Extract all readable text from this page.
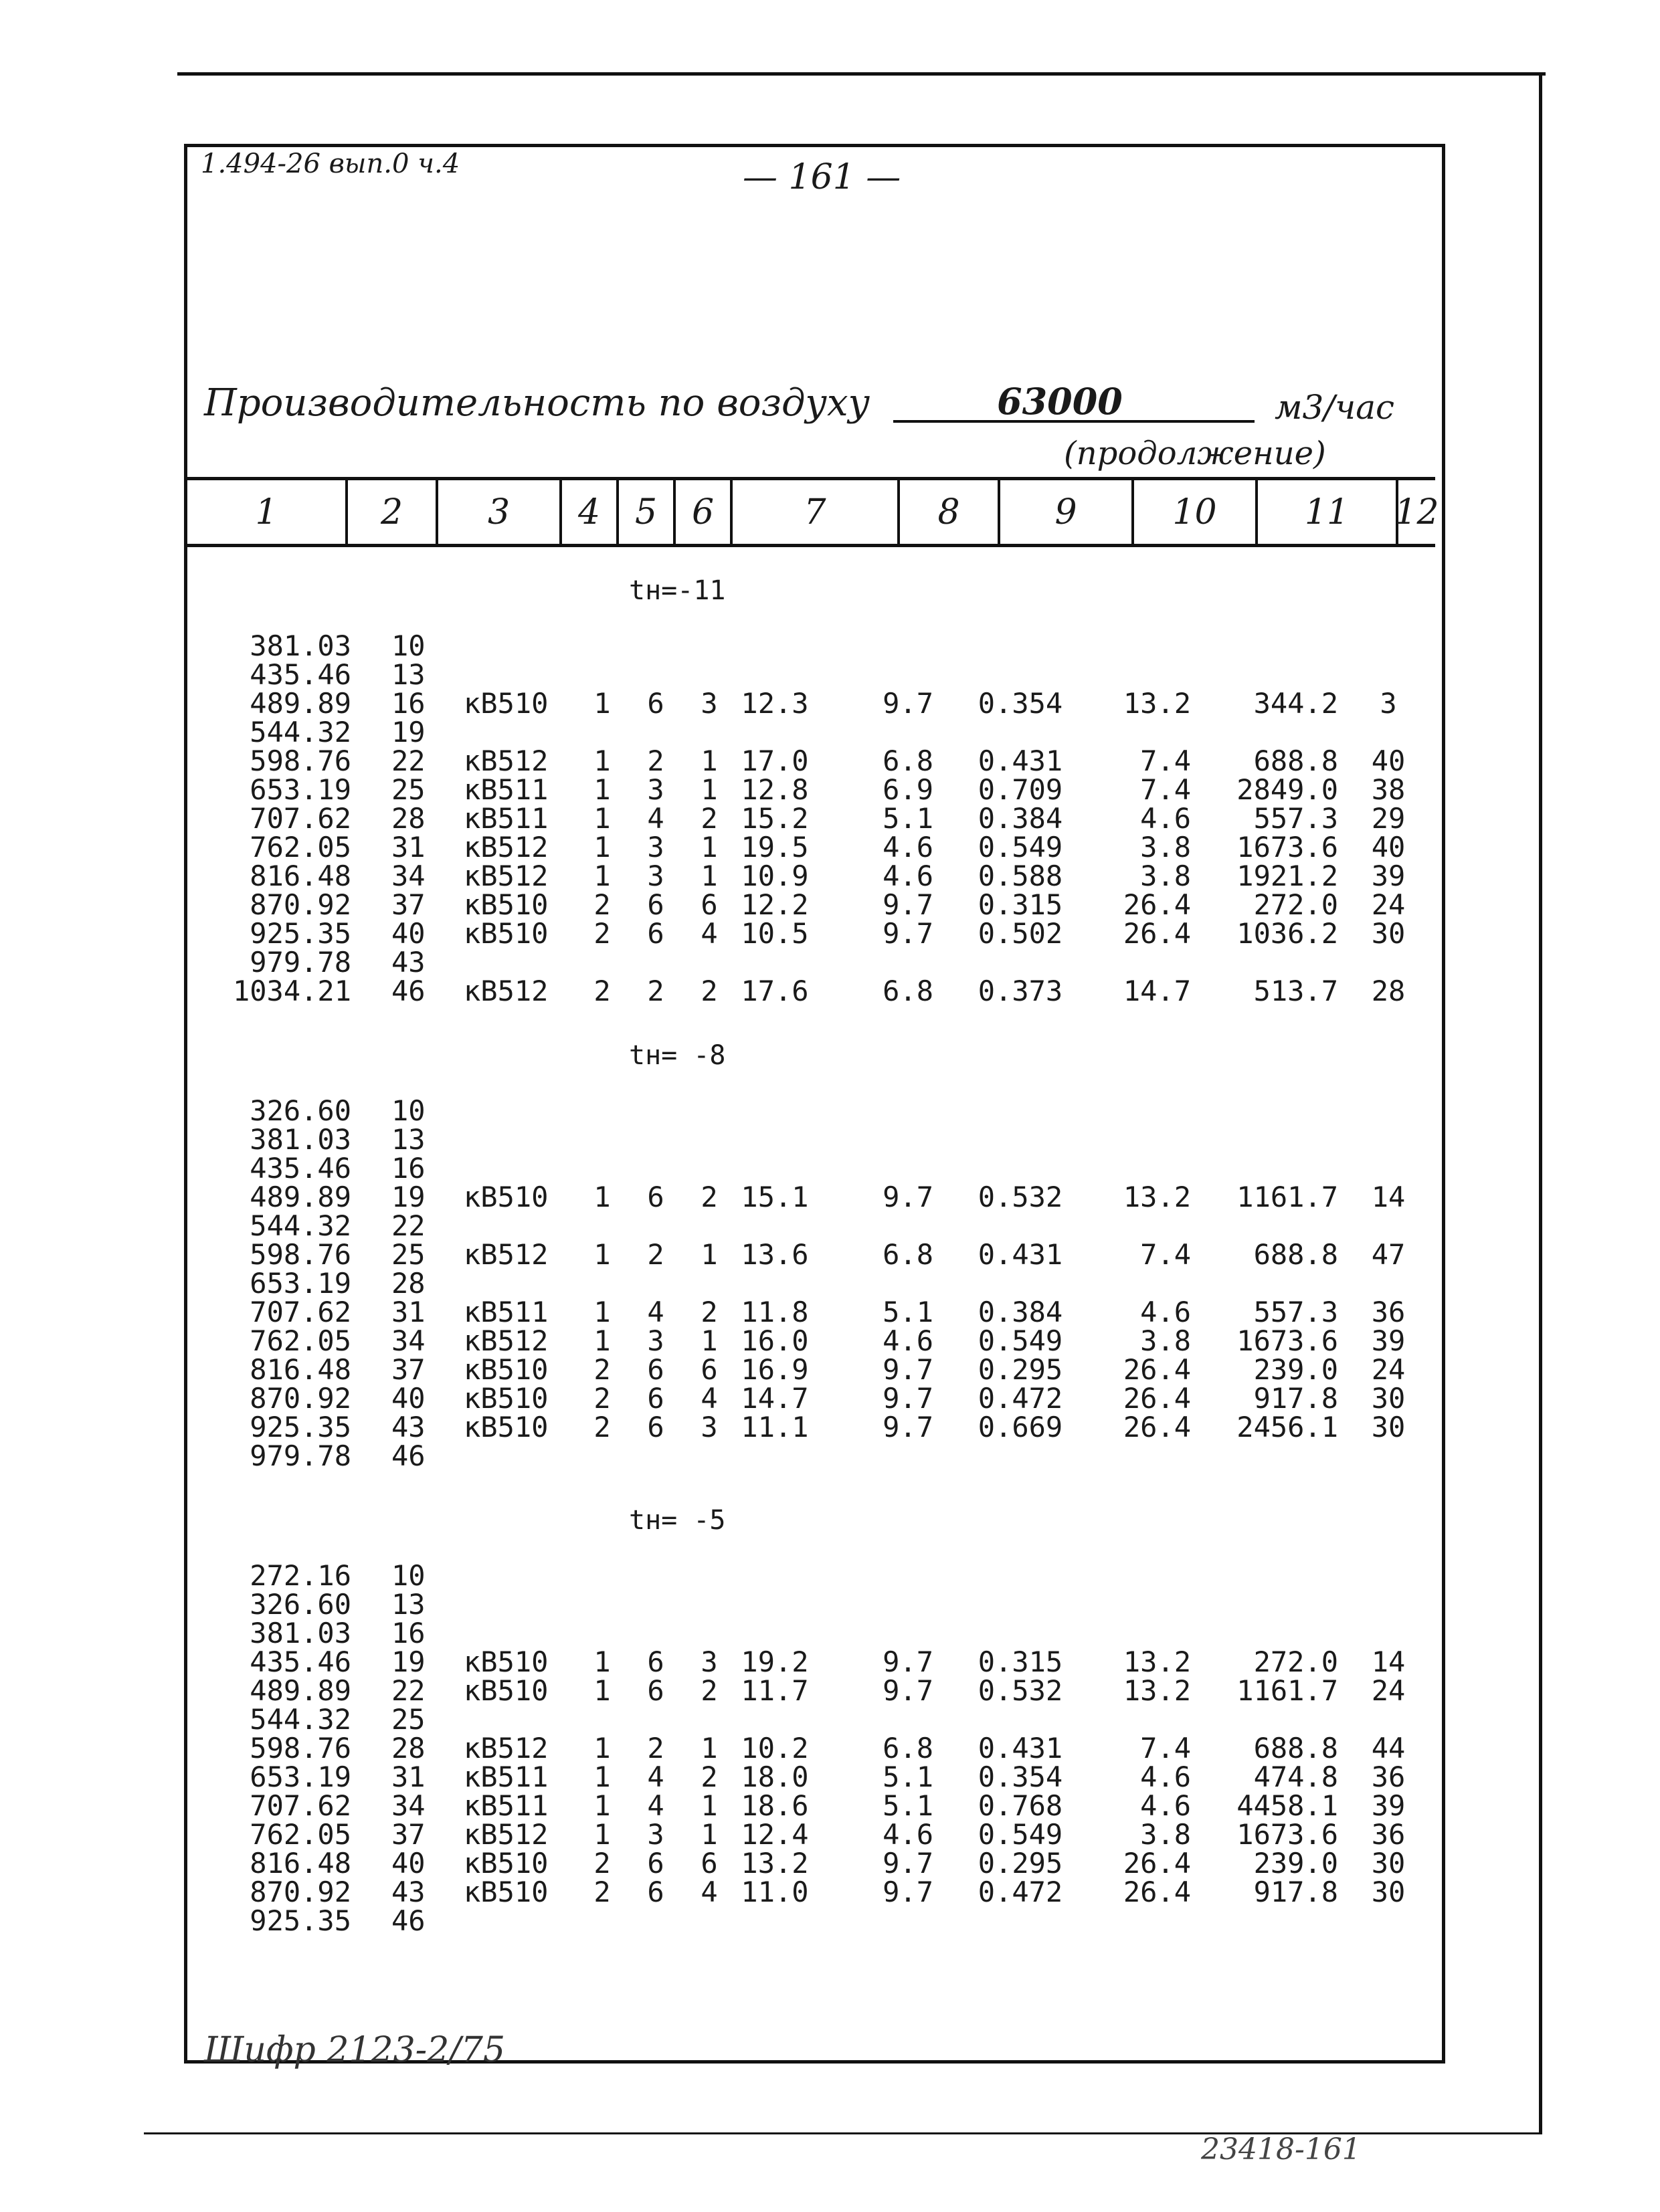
1.494-26 вып.0 ч.4	— 161 —
Производительность по воздуху	63000	м3/час
(продолжение)
1	2	3	4 5 6	7	8	9	10	11	12
tн=-11
381.03 10
435.46 13
489.89 16 кВ510	1 6 3 12.3	9.7	0.354	13.2	344.2	3
544.32 19
598.76 22 кВ512	1 2 1 17.0	6.8	0.431	7.4	688.8 40
653.19 25 кВ511	1 3 1 12.8	6.9	0.709	7.4	2849.0 38
707.62 28 кВ511	1 4 2 15.2	5.1	0.384	4.6	557.3 29
762.05 31 кВ512	1 3 1 19.5	4.6	0.549	3.8	1673.6 40
816.48 34 кВ512	1 3 1 10.9	4.6	0.588	3.8	1921.2 39
870.92 37 кВ510	2 6 6 12.2	9.7	0.315	26.4	272.0 24
925.35 40 кВ510	2 6 4 10.5	9.7	0.502	26.4	1036.2 30
979.78 43
1034.21 46 кВ512	2 2 2 17.6	6.8	0.373	14.7	513.7 28
tн= -8
326.60 10
381.03 13
435.46 16
489.89 19 кВ510	1 6 2 15.1	9.7	0.532	13.2	1161.7 14
544.32 22
598.76 25 кВ512	1 2 1 13.6	6.8	0.431	7.4	688.8 47
653.19 28
707.62 31 кВ511	1 4 2 11.8	5.1	0.384	4.6	557.3 36
762.05 34 кВ512	1 3 1 16.0	4.6	0.549	3.8	1673.6 39
816.48 37 кВ510	2 6 6 16.9	9.7	0.295	26.4	239.0 24
870.92 40 кВ510	2 6 4 14.7	9.7	0.472	26.4	917.8 30
925.35 43 кВ510	2 6 3 11.1	9.7	0.669	26.4	2456.1 30
979.78 46
tн= -5
272.16 10
326.60 13
381.03 16
435.46 19 кВ510	1 6 3 19.2	9.7	0.315	13.2	272.0 14
489.89 22 кВ510	1 6 2 11.7	9.7	0.532	13.2	1161.7 24
544.32 25
598.76 28 кВ512	1 2 1 10.2	6.8	0.431	7.4	688.8 44
653.19 31 кВ511	1 4 2 18.0	5.1	0.354	4.6	474.8 36
707.62 34 кВ511	1 4 1 18.6	5.1	0.768	4.6	4458.1 39
762.05 37 кВ512	1 3 1 12.4	4.6	0.549	3.8	1673.6 36
816.48 40 кВ510	2 6 6 13.2	9.7	0.295	26.4	239.0 30
870.92 43 кВ510	2 6 4 11.0	9.7	0.472	26.4	917.8 30
925.35 46
Шифр 2123-2/75
23418-161
